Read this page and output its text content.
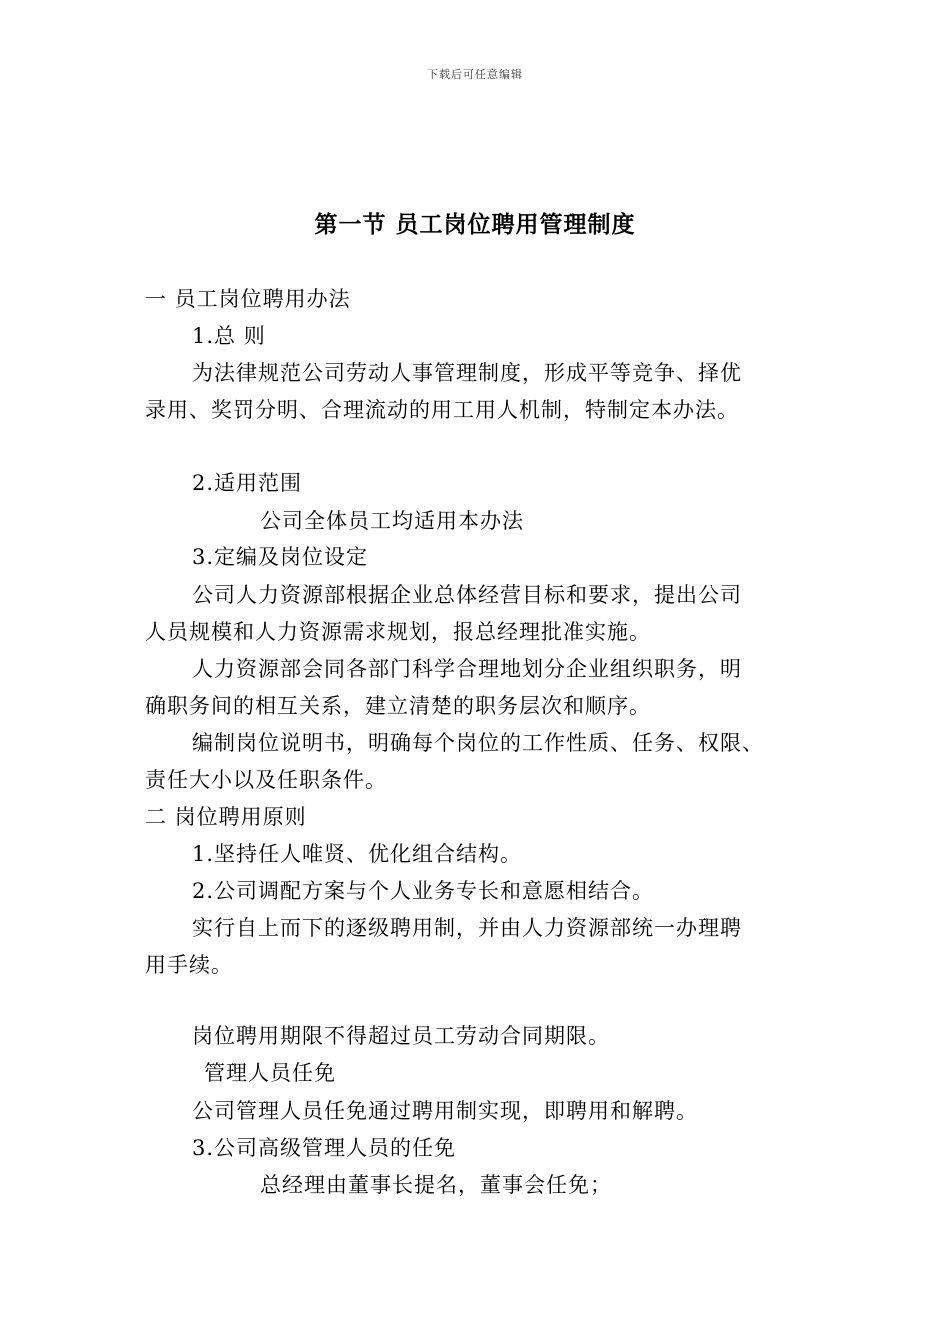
下载后可任意编辑
第一节 员工岗位聘用管理制度
一 员工岗位聘用办法
1.总 则
为法律规范公司劳动人事管理制度，形成平等竞争、择优
录用、奖罚分明、合理流动的用工用人机制，特制定本办法。
2.适用范围
公司全体员工均适用本办法
3.定编及岗位设定
公司人力资源部根据企业总体经营目标和要求，提出公司
人员规模和人力资源需求规划，报总经理批准实施。
人力资源部会同各部门科学合理地划分企业组织职务，明
确职务间的相互关系，建立清楚的职务层次和顺序。
编制岗位说明书，明确每个岗位的工作性质、任务、权限、
责任大小以及任职条件。
二 岗位聘用原则
1.坚持任人唯贤、优化组合结构。
2.公司调配方案与个人业务专长和意愿相结合。
实行自上而下的逐级聘用制，并由人力资源部统一办理聘
用手续。
岗位聘用期限不得超过员工劳动合同期限。
管理人员任免
公司管理人员任免通过聘用制实现，即聘用和解聘。
3.公司高级管理人员的任免
总经理由董事长提名，董事会任免；
